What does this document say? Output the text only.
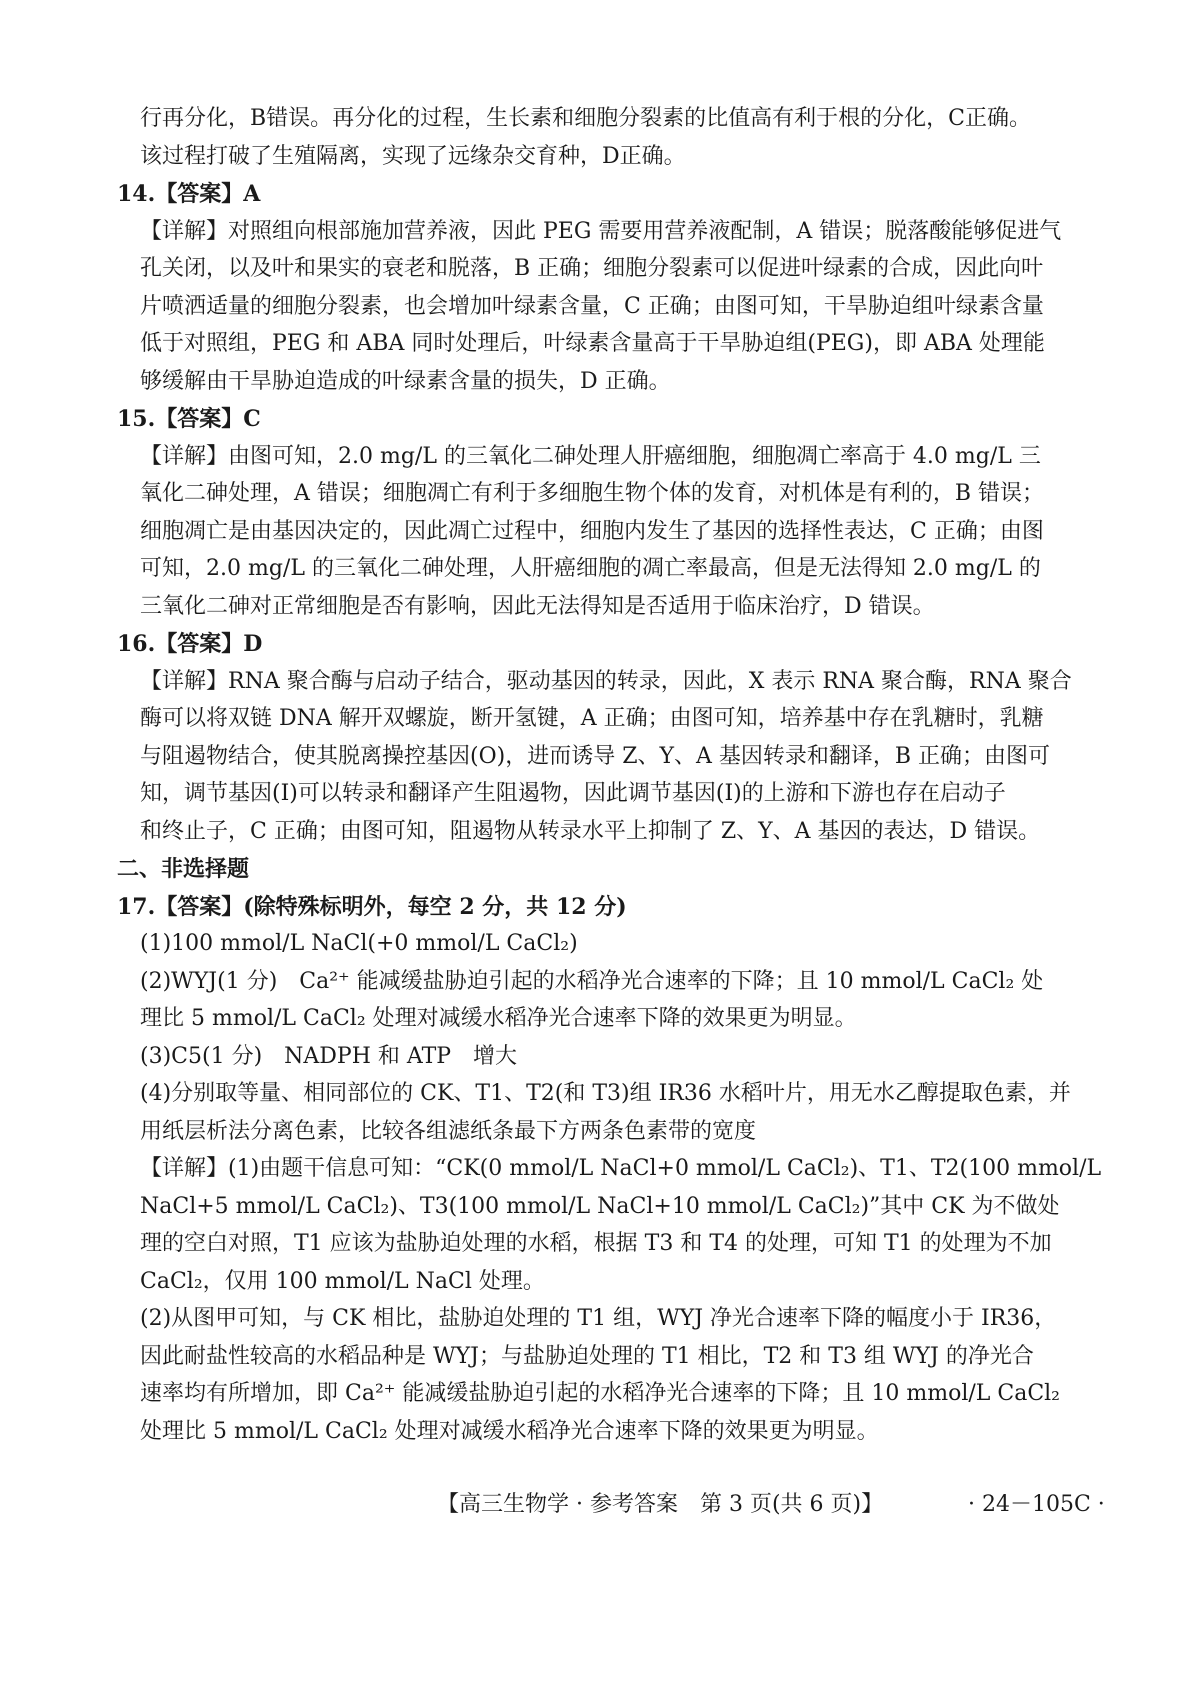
行再分化，B错误。再分化的过程，生长素和细胞分裂素的比值高有利于根的分化，C正确。
该过程打破了生殖隔离，实现了远缘杂交育种，D正确。
14.【答案】A
【详解】对照组向根部施加营养液，因此 PEG 需要用营养液配制，A 错误；脱落酸能够促进气
孔关闭，以及叶和果实的衰老和脱落，B 正确；细胞分裂素可以促进叶绿素的合成，因此向叶
片喷洒适量的细胞分裂素，也会增加叶绿素含量，C 正确；由图可知，干旱胁迫组叶绿素含量
低于对照组，PEG 和 ABA 同时处理后，叶绿素含量高于干旱胁迫组(PEG)，即 ABA 处理能
够缓解由干旱胁迫造成的叶绿素含量的损失，D 正确。
15.【答案】C
【详解】由图可知，2.0 mg/L 的三氧化二砷处理人肝癌细胞，细胞凋亡率高于 4.0 mg/L 三
氧化二砷处理，A 错误；细胞凋亡有利于多细胞生物个体的发育，对机体是有利的，B 错误；
细胞凋亡是由基因决定的，因此凋亡过程中，细胞内发生了基因的选择性表达，C 正确；由图
可知，2.0 mg/L 的三氧化二砷处理，人肝癌细胞的凋亡率最高，但是无法得知 2.0 mg/L 的
三氧化二砷对正常细胞是否有影响，因此无法得知是否适用于临床治疗，D 错误。
16.【答案】D
【详解】RNA 聚合酶与启动子结合，驱动基因的转录，因此，X 表示 RNA 聚合酶，RNA 聚合
酶可以将双链 DNA 解开双螺旋，断开氢键，A 正确；由图可知，培养基中存在乳糖时，乳糖
与阻遏物结合，使其脱离操控基因(O)，进而诱导 Z、Y、A 基因转录和翻译，B 正确；由图可
知，调节基因(I)可以转录和翻译产生阻遏物，因此调节基因(I)的上游和下游也存在启动子
和终止子，C 正确；由图可知，阻遏物从转录水平上抑制了 Z、Y、A 基因的表达，D 错误。
二、非选择题
17.【答案】(除特殊标明外，每空 2 分，共 12 分)
(1)100 mmol/L NaCl(+0 mmol/L CaCl₂)
(2)WYJ(1 分)　Ca²⁺ 能减缓盐胁迫引起的水稻净光合速率的下降；且 10 mmol/L CaCl₂ 处
理比 5 mmol/L CaCl₂ 处理对减缓水稻净光合速率下降的效果更为明显。
(3)C5(1 分)　NADPH 和 ATP　增大
(4)分别取等量、相同部位的 CK、T1、T2(和 T3)组 IR36 水稻叶片，用无水乙醇提取色素，并
用纸层析法分离色素，比较各组滤纸条最下方两条色素带的宽度
【详解】(1)由题干信息可知：“CK(0 mmol/L NaCl+0 mmol/L CaCl₂)、T1、T2(100 mmol/L
NaCl+5 mmol/L CaCl₂)、T3(100 mmol/L NaCl+10 mmol/L CaCl₂)”其中 CK 为不做处
理的空白对照，T1 应该为盐胁迫处理的水稻，根据 T3 和 T4 的处理，可知 T1 的处理为不加
CaCl₂，仅用 100 mmol/L NaCl 处理。
(2)从图甲可知，与 CK 相比，盐胁迫处理的 T1 组，WYJ 净光合速率下降的幅度小于 IR36，
因此耐盐性较高的水稻品种是 WYJ；与盐胁迫处理的 T1 相比，T2 和 T3 组 WYJ 的净光合
速率均有所增加，即 Ca²⁺ 能减缓盐胁迫引起的水稻净光合速率的下降；且 10 mmol/L CaCl₂
处理比 5 mmol/L CaCl₂ 处理对减缓水稻净光合速率下降的效果更为明显。
【高三生物学 · 参考答案　第 3 页(共 6 页)】	· 24－105C ·
